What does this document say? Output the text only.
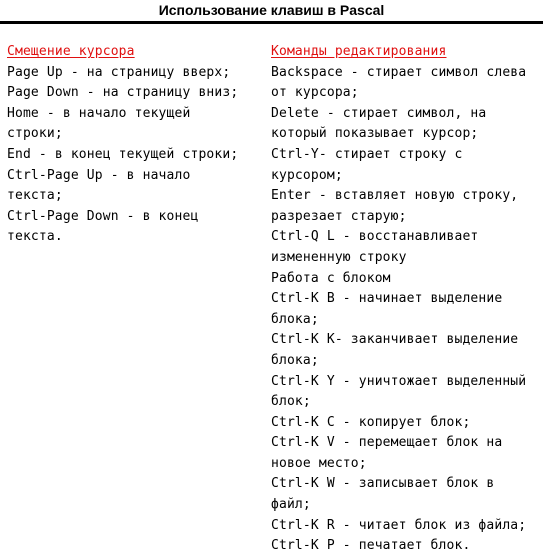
Использование клавиш в Pascal
Смещение курсора
Page Up - на страницу вверх;
Page Down - на страницу вниз;
Home - в начало текущей
строки;
End - в конец текущей строки;
Ctrl-Page Up - в начало
текста;
Ctrl-Page Down - в конец
текста.
Команды редактирования
Backspace - стирает символ слева
от курсора;
Delete - стирает символ, на
который показывает курсор;
Ctrl-Y- стирает строку с
курсором;
Enter - вставляет новую строку,
разрезает старую;
Ctrl-Q L - восстанавливает
измененную строку
Работа с блоком
Ctrl-K B - начинает выделение
блока;
Ctrl-K K- заканчивает выделение
блока;
Ctrl-K Y - уничтожает выделенный
блок;
Ctrl-K C - копирует блок;
Ctrl-K V - перемещает блок на
новое место;
Ctrl-K W - записывает блок в
файл;
Ctrl-K R - читает блок из файла;
Ctrl-K P - печатает блок.
